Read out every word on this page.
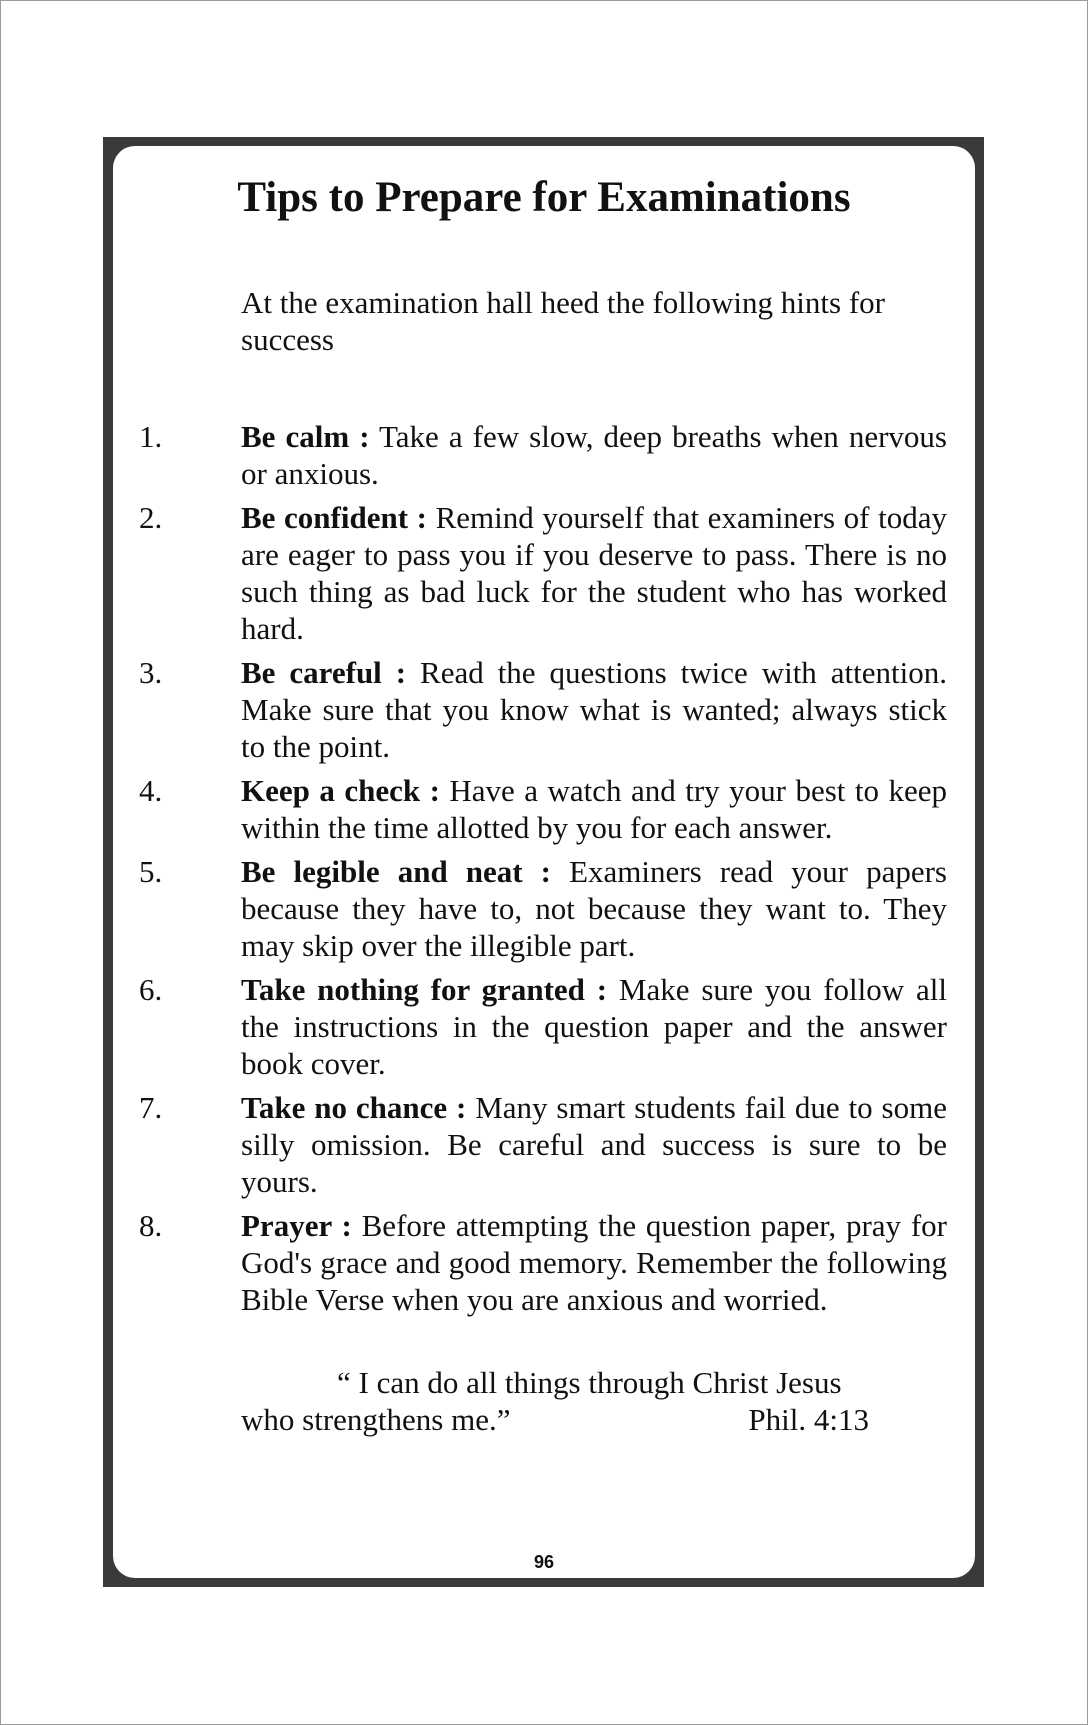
Tips to Prepare for Examinations

At the examination hall heed the following hints for success

1.	Be calm : Take a few slow, deep breaths when nervous or anxious.
2.	Be confident : Remind yourself that examiners of today are eager to pass you if you deserve to pass. There is no such thing as bad luck for the student who has worked hard.
3.	Be careful : Read the questions twice with attention. Make sure that you know what is wanted; always stick to the point.
4.	Keep a check : Have a watch and try your best to keep within the time allotted by you for each answer.
5.	Be legible and neat : Examiners read your papers because they have to, not because they want to. They may skip over the illegible part.
6.	Take nothing for granted : Make sure you follow all the instructions in the question paper and the answer book cover.
7.	Take no chance : Many smart students fail due to some silly omission. Be careful and success is sure to be yours.
8.	Prayer : Before attempting the question paper, pray for God's grace and good memory. Remember the following Bible Verse when you are anxious and worried.
“ I can do all things through Christ Jesus
who strengthens me.”	Phil. 4:13
96
